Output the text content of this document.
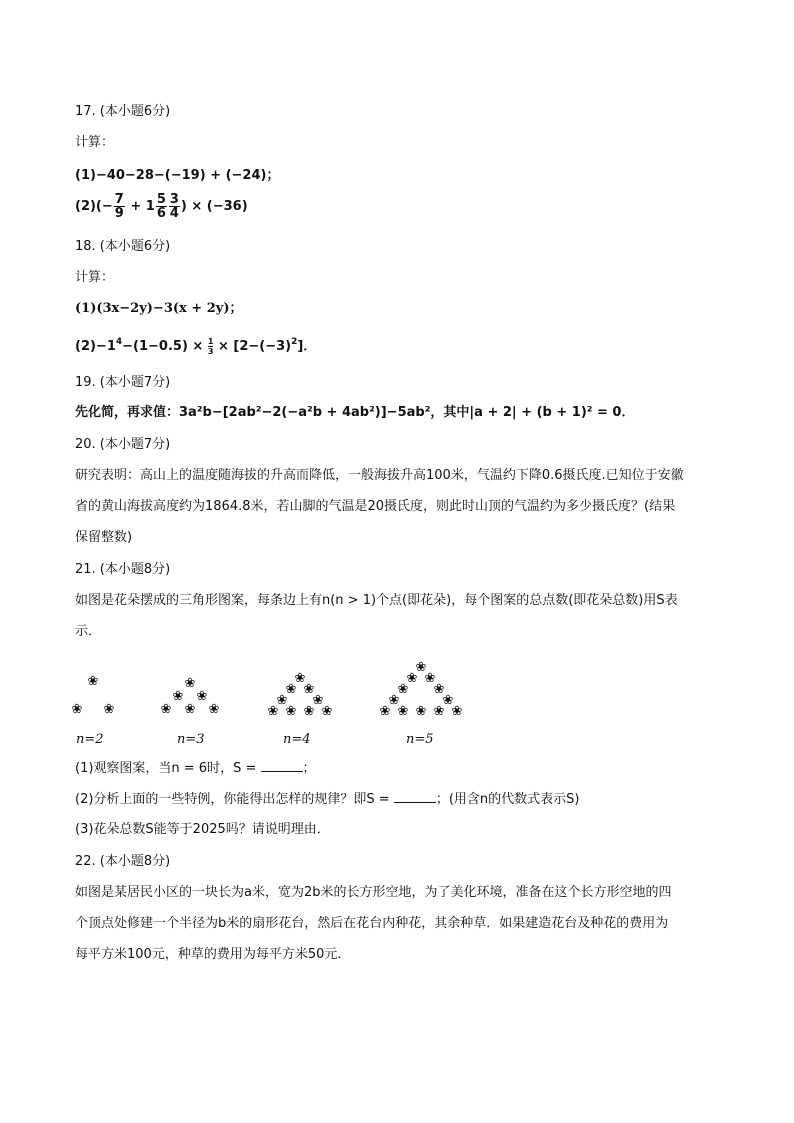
17. (本小题6分)
计算：
(1)−40−28−(−19) + (−24)；
$(2)(- \frac{7}{9} + 1 \frac{5}{6} \frac{3}{4}$ ) × (−36)
18. (本小题6分)
计算：
(1)(3x−2y)−3(x + 2y)；
$(2)-1^4-(1-0.5) \times \frac{1}{3} \times [2-(-3)^2]$．
19. (本小题7分)
先化简，再求值：3a²b−[2ab²−2(−a²b + 4ab²)]−5ab²，其中|a + 2| + (b + 1)² = 0．
20. (本小题7分)
研究表明：高山上的温度随海拔的升高而降低，一般海拔升高100米，气温约下降0.6摄氏度.已知位于安徽
省的黄山海拔高度约为1864.8米，若山脚的气温是20摄氏度，则此时山顶的气温约为多少摄氏度？(结果
保留整数)
21. (本小题8分)
如图是花朵摆成的三角形图案，每条边上有n(n > 1)个点(即花朵)，每个图案的总点数(即花朵总数)用S表
示．
n=2	n=3	n=4	n=5
❀
❀ ❀
❀
❀ ❀
❀ ❀ ❀
❀
❀ ❀
❀ ❀
❀ ❀ ❀ ❀
❀
❀ ❀
❀ ❀
❀	❀
❀ ❀ ❀ ❀ ❀
(1)观察图案，当n = 6时，S =	；
(2)分析上面的一些特例，你能得出怎样的规律？即S =	；(用含n的代数式表示S)
(3)花朵总数S能等于2025吗？请说明理由．
22. (本小题8分)
如图是某居民小区的一块长为a米，宽为2b米的长方形空地，为了美化环境，准备在这个长方形空地的四
个顶点处修建一个半径为b米的扇形花台，然后在花台内种花，其余种草．如果建造花台及种花的费用为
每平方米100元，种草的费用为每平方米50元．
